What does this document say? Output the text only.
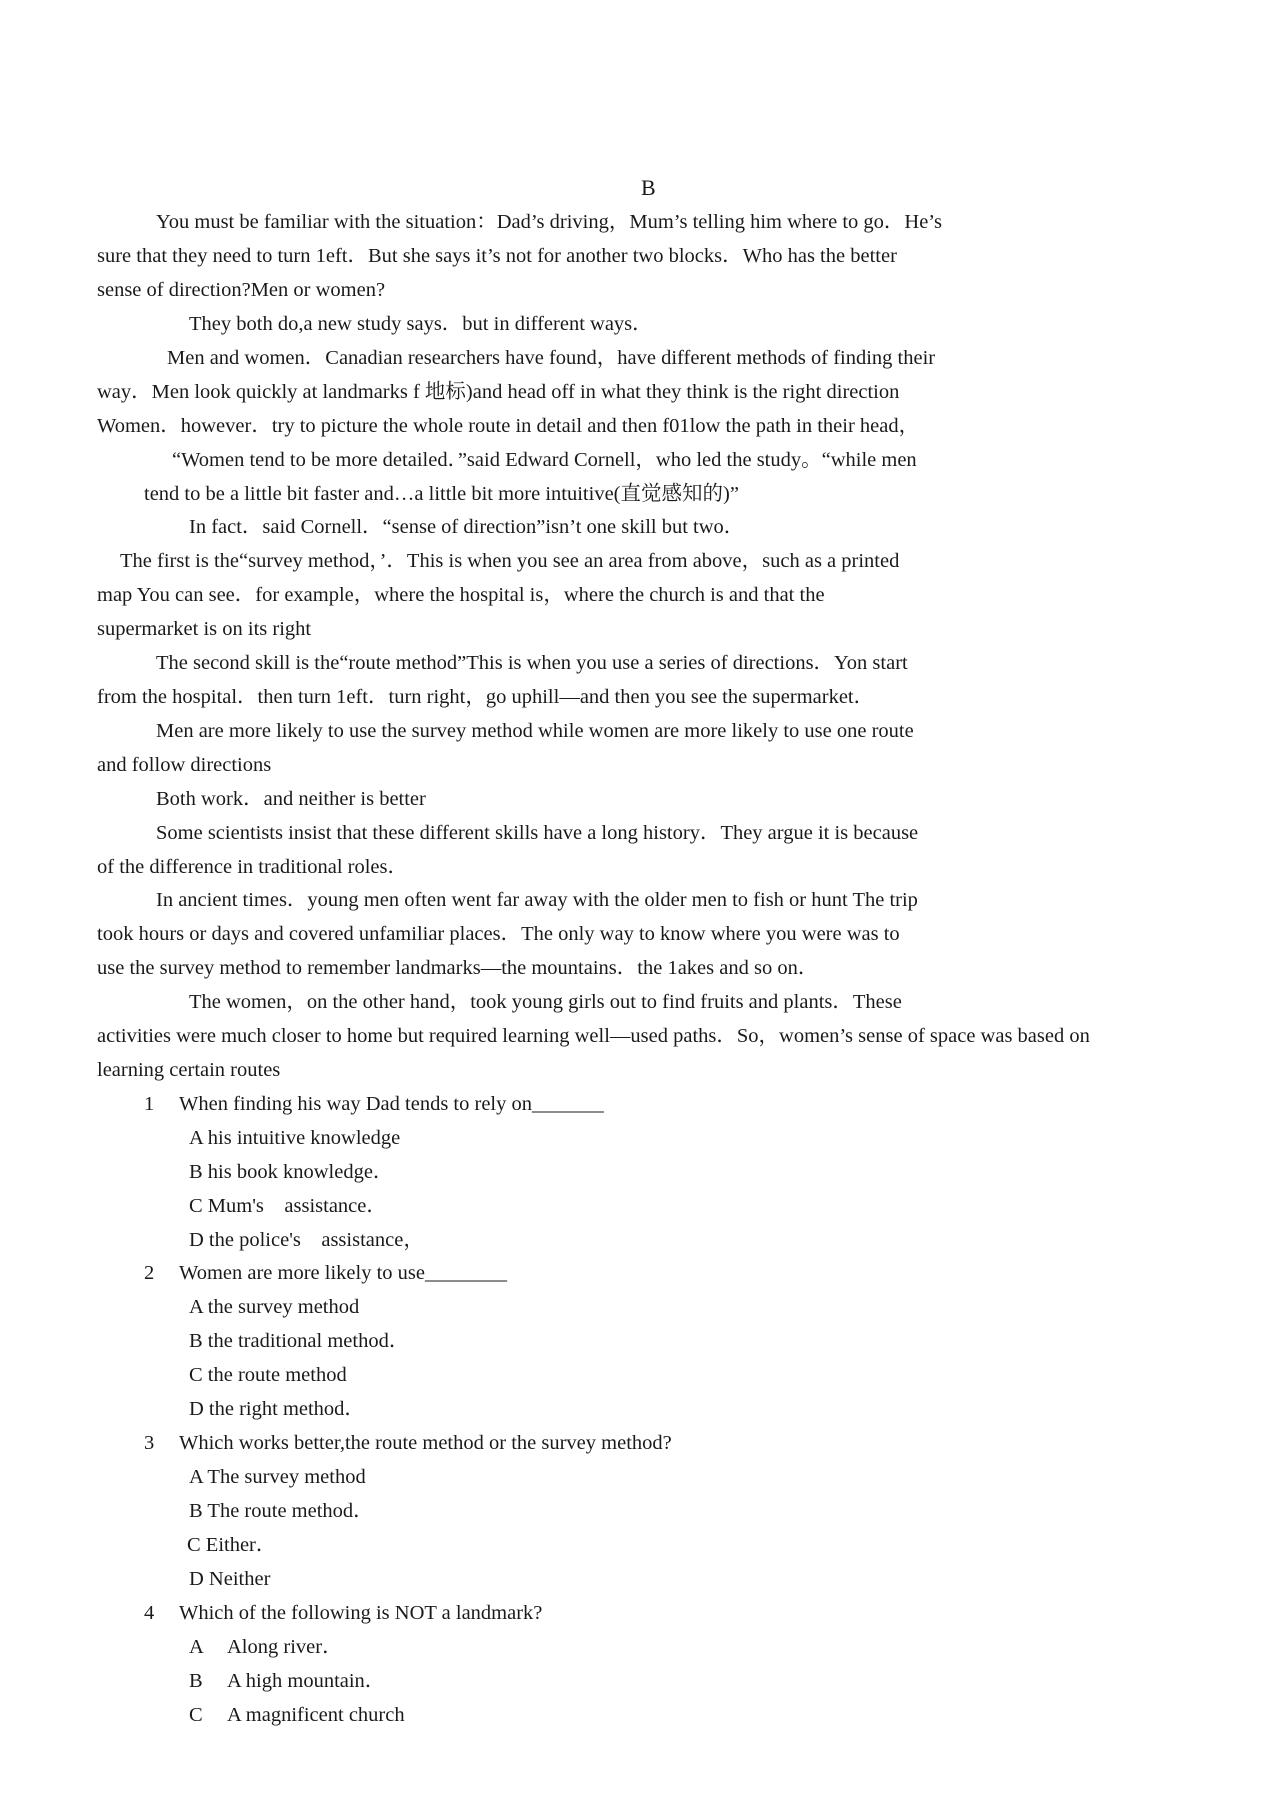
B
You must be familiar with the situation：Dad’s driving，Mum’s telling him where to go．He’s
sure that they need to turn 1eft．But she says it’s not for another two blocks．Who has the better
sense of direction?Men or women?
They both do,a new study says．but in different ways．
Men and women．Canadian researchers have found，have different methods of finding their
way．Men look quickly at landmarks f 地标)and head off in what they think is the right direction
Women．however．try to picture the whole route in detail and then f01low the path in their head，
“Women tend to be more detailed．”said Edward Cornell，who led the study。“while men
tend to be a little bit faster and…a little bit more intuitive(直觉感知的)”
In fact．said Cornell．“sense of direction”isn’t one skill but two．
The first is the“survey method，’．This is when you see an area from above，such as a printed
map You can see．for example，where the hospital is，where the church is and that the
supermarket is on its right
The second skill is the“route method”This is when you use a series of directions．Yon start
from the hospital．then turn 1eft．turn right，go uphill—and then you see the supermarket．
Men are more likely to use the survey method while women are more likely to use one route
and follow directions
Both work．and neither is better
Some scientists insist that these different skills have a long history．They argue it is because
of the difference in traditional roles．
In ancient times．young men often went far away with the older men to fish or hunt The trip
took hours or days and covered unfamiliar places．The only way to know where you were was to
use the survey method to remember landmarks—the mountains．the 1akes and so on．
The women，on the other hand，took young girls out to find fruits and plants．These
activities were much closer to home but required learning well—used paths．So，women’s sense of space was based on
learning certain routes
1 When finding his way Dad tends to rely on_______
A his intuitive knowledge
B his book knowledge．
C Mum's　assistance．
D the police's　assistance，
2 Women are more likely to use________
A the survey method
B the traditional method．
C the route method
D the right method．
3 Which works better,the route method or the survey method?
A The survey method
B The route method．
C Either．
D Neither
4 Which of the following is NOT a landmark?
A Along river．
B A high mountain．
C A magnificent church
